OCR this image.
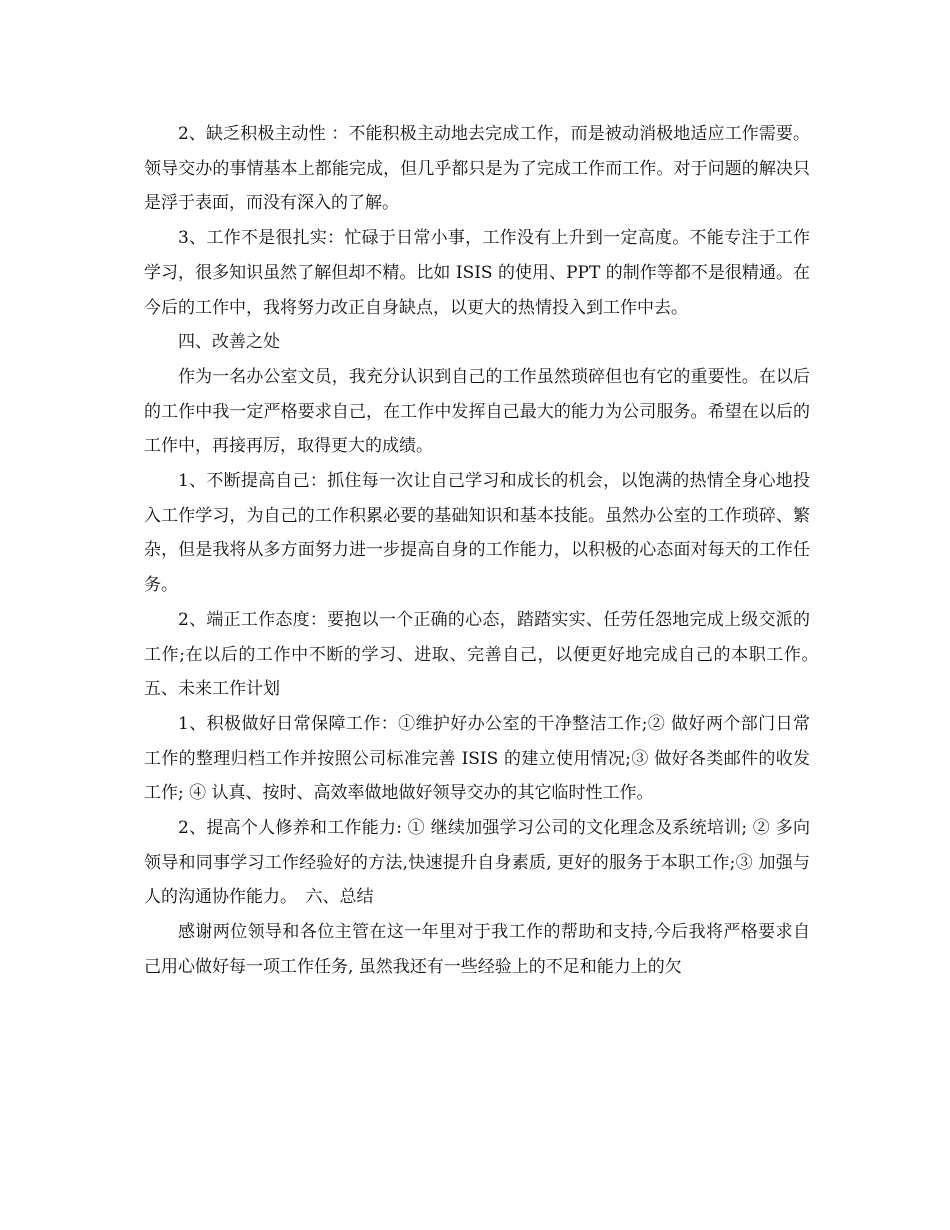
2、缺乏积极主动性 ：不能积极主动地去完成工作，而是被动消极地适应工作需要。领导交办的事情基本上都能完成，但几乎都只是为了完成工作而工作。对于问题的解决只是浮于表面，而没有深入的了解。

3、工作不是很扎实：忙碌于日常小事，工作没有上升到一定高度。不能专注于工作学习，很多知识虽然了解但却不精。比如 ISIS 的使用、PPT 的制作等都不是很精通。在今后的工作中，我将努力改正自身缺点，以更大的热情投入到工作中去。

四、改善之处

作为一名办公室文员，我充分认识到自己的工作虽然琐碎但也有它的重要性。在以后的工作中我一定严格要求自己，在工作中发挥自己最大的能力为公司服务。希望在以后的工作中，再接再厉，取得更大的成绩。

1、不断提高自己：抓住每一次让自己学习和成长的机会，以饱满的热情全身心地投入工作学习，为自己的工作积累必要的基础知识和基本技能。虽然办公室的工作琐碎、繁杂，但是我将从多方面努力进一步提高自身的工作能力，以积极的心态面对每天的工作任务。

2、端正工作态度：要抱以一个正确的心态，踏踏实实、任劳任怨地完成上级交派的工作;在以后的工作中不断的学习、进取、完善自己，以便更好地完成自己的本职工作。　五、未来工作计划

1、积极做好日常保障工作：①维护好办公室的干净整洁工作;② 做好两个部门日常工作的整理归档工作并按照公司标准完善 ISIS 的建立使用情况;③ 做好各类邮件的收发工作; ④ 认真、按时、高效率做地做好领导交办的其它临时性工作。

2、提高个人修养和工作能力: ① 继续加强学习公司的文化理念及系统培训; ② 多向领导和同事学习工作经验好的方法,快速提升自身素质, 更好的服务于本职工作;③ 加强与人的沟通协作能力。　六、总结

感谢两位领导和各位主管在这一年里对于我工作的帮助和支持,今后我将严格要求自己用心做好每一项工作任务, 虽然我还有一些经验上的不足和能力上的欠
